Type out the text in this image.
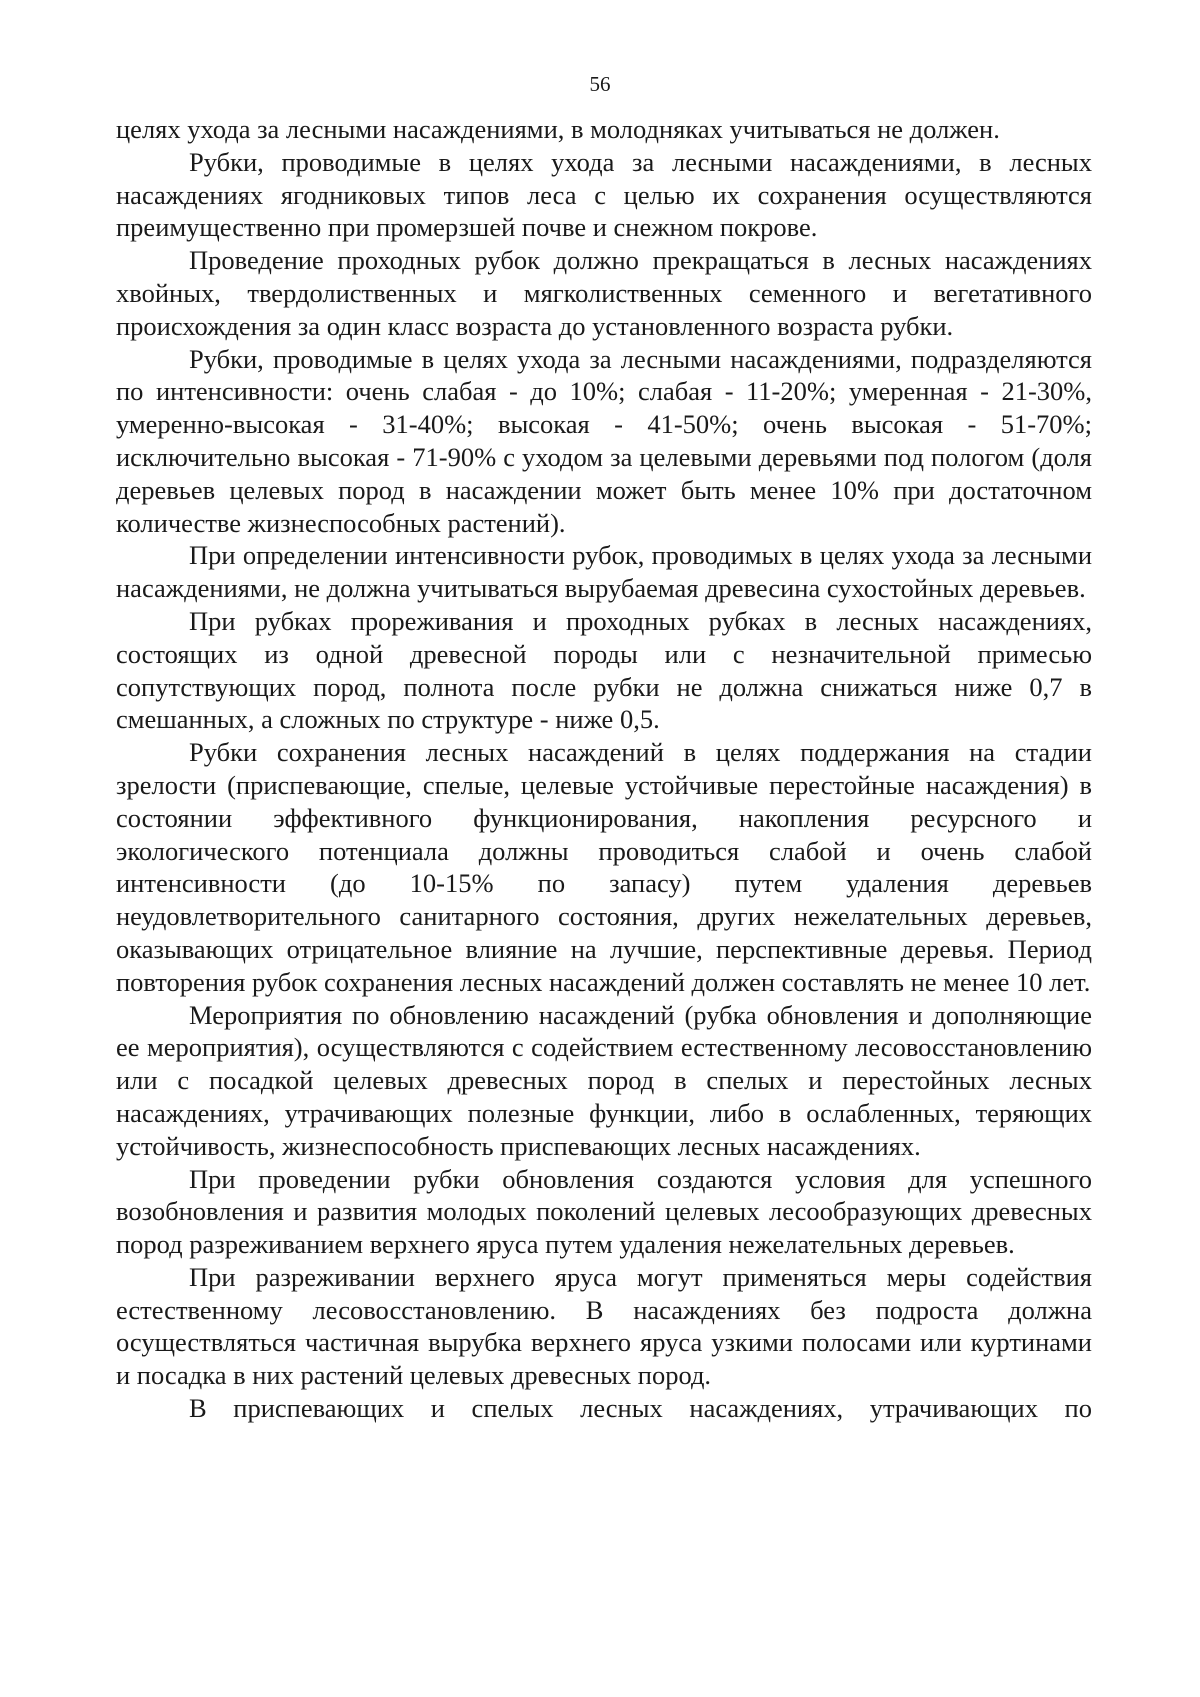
56

целях ухода за лесными насаждениями, в молодняках учитываться не должен.

Рубки, проводимые в целях ухода за лесными насаждениями, в лесных насаждениях ягодниковых типов леса с целью их сохранения осуществляются преимущественно при промерзшей почве и снежном покрове.

Проведение проходных рубок должно прекращаться в лесных насаждениях хвойных, твердолиственных и мягколиственных семенного и вегетативного происхождения за один класс возраста до установленного возраста рубки.

Рубки, проводимые в целях ухода за лесными насаждениями, подразделяются по интенсивности: очень слабая - до 10%; слабая - 11-20%; умеренная - 21-30%, умеренно-высокая - 31-40%; высокая - 41-50%; очень высокая - 51-70%; исключительно высокая - 71-90% с уходом за целевыми деревьями под пологом (доля деревьев целевых пород в насаждении может быть менее 10% при достаточном количестве жизнеспособных растений).

При определении интенсивности рубок, проводимых в целях ухода за лесными насаждениями, не должна учитываться вырубаемая древесина сухостойных деревьев.

При рубках прореживания и проходных рубках в лесных насаждениях, состоящих из одной древесной породы или с незначительной примесью сопутствующих пород, полнота после рубки не должна снижаться ниже 0,7 в смешанных, а сложных по структуре - ниже 0,5.

Рубки сохранения лесных насаждений в целях поддержания на стадии зрелости (приспевающие, спелые, целевые устойчивые перестойные насаждения) в состоянии эффективного функционирования, накопления ресурсного и экологического потенциала должны проводиться слабой и очень слабой интенсивности (до 10-15% по запасу) путем удаления деревьев неудовлетворительного санитарного состояния, других нежелательных деревьев, оказывающих отрицательное влияние на лучшие, перспективные деревья. Период повторения рубок сохранения лесных насаждений должен составлять не менее 10 лет.

Мероприятия по обновлению насаждений (рубка обновления и дополняющие ее мероприятия), осуществляются с содействием естественному лесовосстановлению или с посадкой целевых древесных пород в спелых и перестойных лесных насаждениях, утрачивающих полезные функции, либо в ослабленных, теряющих устойчивость, жизнеспособность приспевающих лесных насаждениях.

При проведении рубки обновления создаются условия для успешного возобновления и развития молодых поколений целевых лесообразующих древесных пород разреживанием верхнего яруса путем удаления нежелательных деревьев.

При разреживании верхнего яруса могут применяться меры содействия естественному лесовосстановлению. В насаждениях без подроста должна осуществляться частичная вырубка верхнего яруса узкими полосами или куртинами и посадка в них растений целевых древесных пород.

В приспевающих и спелых лесных насаждениях, утрачивающих по
